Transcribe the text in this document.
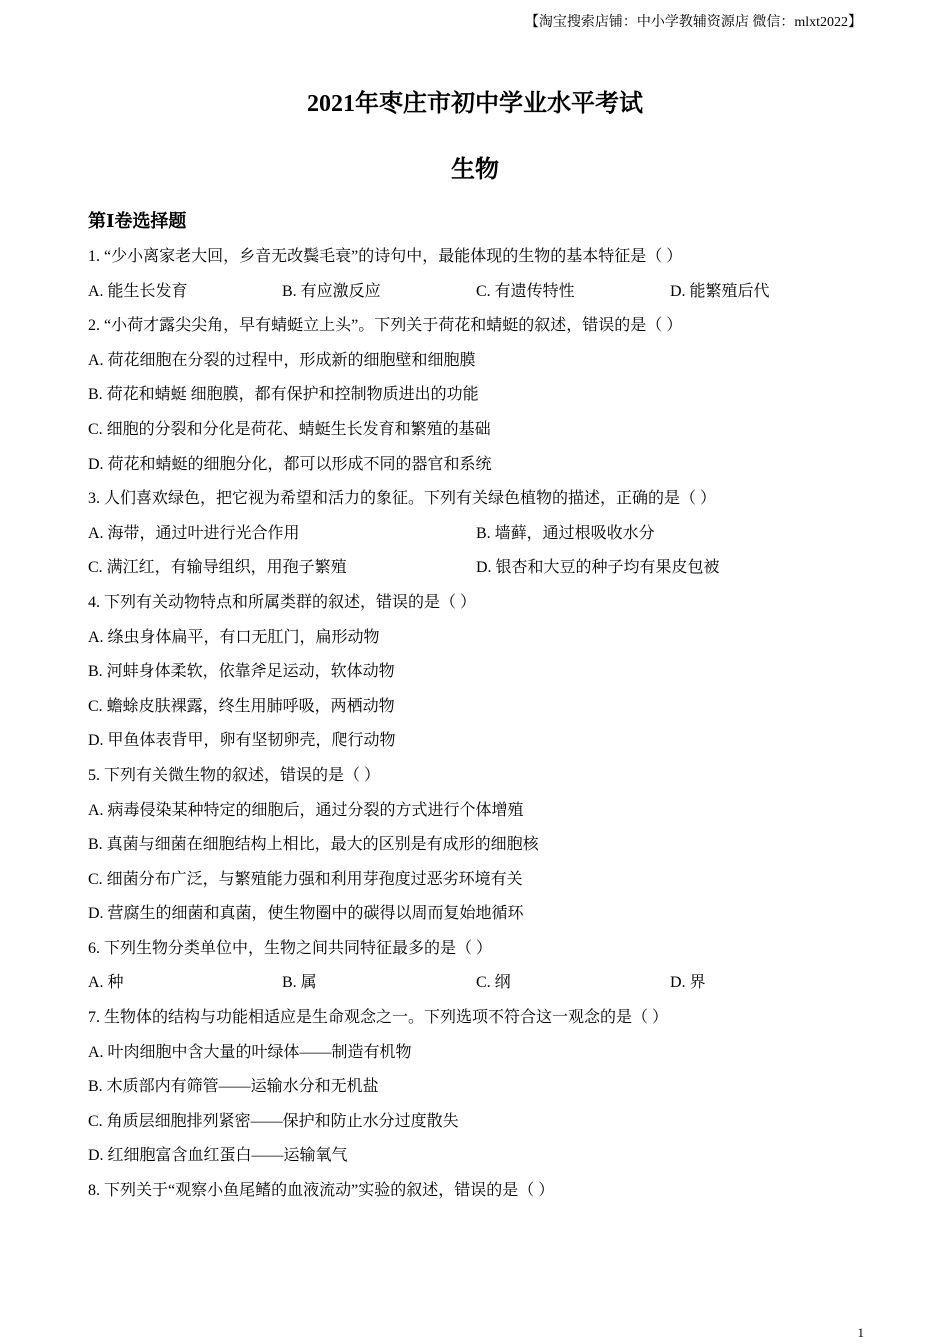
【淘宝搜索店铺：中小学教辅资源店 微信：mlxt2022】
2021年枣庄市初中学业水平考试
生物
第Ⅰ卷选择题
1. “少小离家老大回，乡音无改鬓毛衰”的诗句中，最能体现的生物的基本特征是（ ）
A. 能生长发育	B. 有应激反应	C. 有遗传特性	D. 能繁殖后代
2. “小荷才露尖尖角，早有蜻蜓立上头”。下列关于荷花和蜻蜓的叙述，错误的是（ ）
A. 荷花细胞在分裂的过程中，形成新的细胞壁和细胞膜
B. 荷花和蜻蜓 细胞膜，都有保护和控制物质进出的功能
C. 细胞的分裂和分化是荷花、蜻蜓生长发育和繁殖的基础
D. 荷花和蜻蜓的细胞分化，都可以形成不同的器官和系统
3. 人们喜欢绿色，把它视为希望和活力的象征。下列有关绿色植物的描述，正确的是（ ）
A. 海带，通过叶进行光合作用	B. 墙藓，通过根吸收水分
C. 满江红，有输导组织，用孢子繁殖	D. 银杏和大豆的种子均有果皮包被
4. 下列有关动物特点和所属类群的叙述，错误的是（ ）
A. 绦虫身体扁平，有口无肛门，扁形动物
B. 河蚌身体柔软，依靠斧足运动，软体动物
C. 蟾蜍皮肤裸露，终生用肺呼吸，两栖动物
D. 甲鱼体表背甲，卵有坚韧卵壳，爬行动物
5. 下列有关微生物的叙述，错误的是（ ）
A. 病毒侵染某种特定的细胞后，通过分裂的方式进行个体增殖
B. 真菌与细菌在细胞结构上相比，最大的区别是有成形的细胞核
C. 细菌分布广泛，与繁殖能力强和利用芽孢度过恶劣环境有关
D. 营腐生的细菌和真菌，使生物圈中的碳得以周而复始地循环
6. 下列生物分类单位中，生物之间共同特征最多的是（ ）
A. 种	B. 属	C. 纲	D. 界
7. 生物体的结构与功能相适应是生命观念之一。下列选项不符合这一观念的是（ ）
A. 叶肉细胞中含大量的叶绿体——制造有机物
B. 木质部内有筛管——运输水分和无机盐
C. 角质层细胞排列紧密——保护和防止水分过度散失
D. 红细胞富含血红蛋白——运输氧气
8. 下列关于“观察小鱼尾鳍的血液流动”实验的叙述，错误的是（ ）
1
